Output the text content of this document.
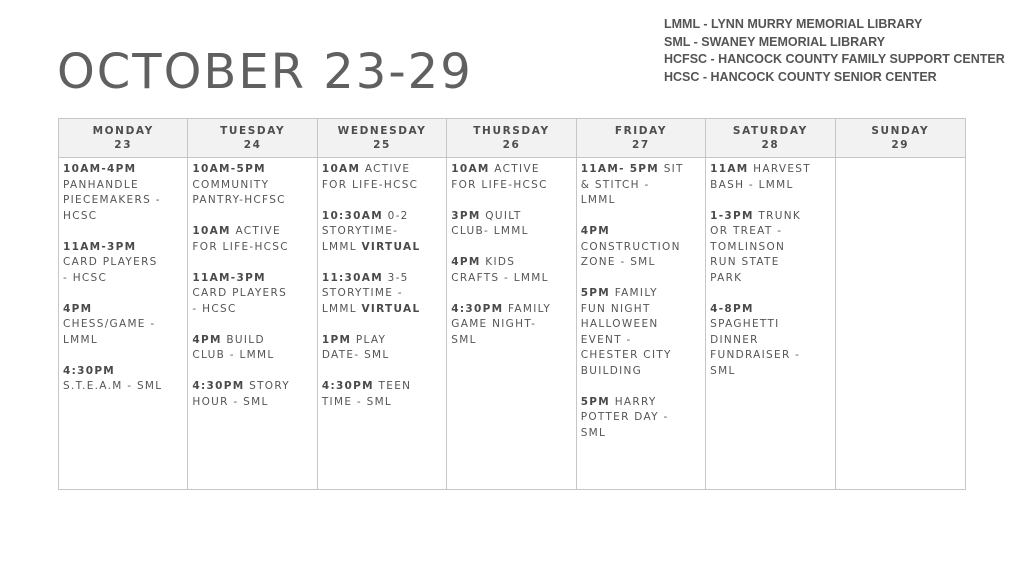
OCTOBER 23-29
LMML - LYNN MURRY MEMORIAL LIBRARY
SML - SWANEY MEMORIAL LIBRARY
HCFSC - HANCOCK COUNTY FAMILY SUPPORT CENTER
HCSC - HANCOCK COUNTY SENIOR CENTER
MONDAY
23
TUESDAY
24
WEDNESDAY
25
THURSDAY
26
FRIDAY
27
SATURDAY
28
SUNDAY
29
10AM-4PM
PANHANDLE
PIECEMAKERS -
HCSC
11AM-3PM
CARD PLAYERS
- HCSC
4PM
CHESS/GAME -
LMML
4:30PM
S.T.E.A.M - SML
10AM-5PM
COMMUNITY
PANTRY-HCFSC
10AM ACTIVE
FOR LIFE-HCSC
11AM-3PM
CARD PLAYERS
- HCSC
4PM BUILD
CLUB - LMML
4:30PM STORY
HOUR - SML
10AM ACTIVE
FOR LIFE-HCSC
10:30AM 0-2
STORYTIME-
LMML VIRTUAL
11:30AM 3-5
STORYTIME -
LMML VIRTUAL
1PM PLAY
DATE- SML
4:30PM TEEN
TIME - SML
10AM ACTIVE
FOR LIFE-HCSC
3PM QUILT
CLUB- LMML
4PM KIDS
CRAFTS - LMML
4:30PM FAMILY
GAME NIGHT-
SML
11AM- 5PM SIT
& STITCH -
LMML
4PM
CONSTRUCTION
ZONE - SML
5PM FAMILY
FUN NIGHT
HALLOWEEN
EVENT -
CHESTER CITY
BUILDING
5PM HARRY
POTTER DAY -
SML
11AM HARVEST
BASH - LMML
1-3PM TRUNK
OR TREAT -
TOMLINSON
RUN STATE
PARK
4-8PM
SPAGHETTI
DINNER
FUNDRAISER -
SML
